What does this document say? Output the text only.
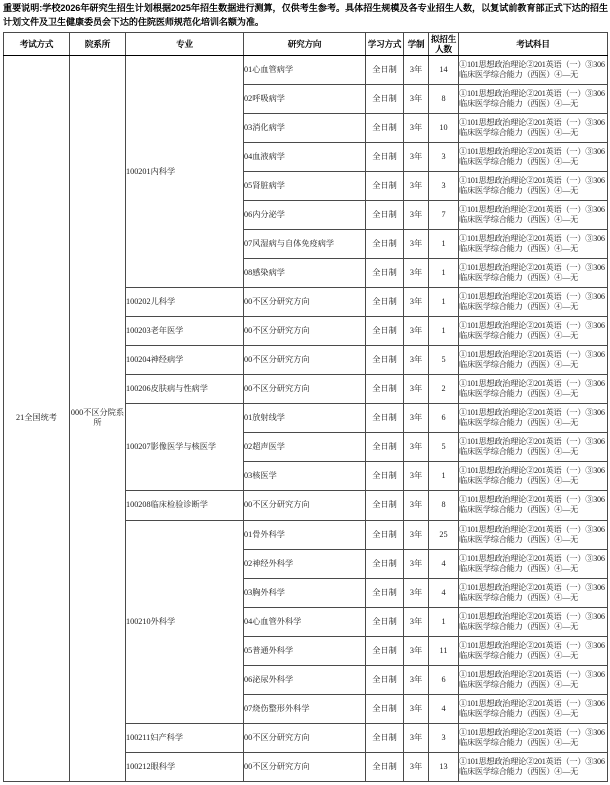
重要说明:学校2026年研究生招生计划根据2025年招生数据进行测算，仅供考生参考。具体招生规模及各专业招生人数，以复试前教育部正式下达的招生计划文件及卫生健康委员会下达的住院医师规范化培训名额为准。
考试方式	院系所	专业	研究方向	学习方式	学制	拟招生人数	考试科目
21全国统考	000不区分院系所	100201内科学	01心血管病学	全日制	3年	14	①101思想政治理论②201英语（一）③306临床医学综合能力（西医）④—无
			02呼吸病学	全日制	3年	8	①101思想政治理论②201英语（一）③306临床医学综合能力（西医）④—无
			03消化病学	全日制	3年	10	①101思想政治理论②201英语（一）③306临床医学综合能力（西医）④—无
			04血液病学	全日制	3年	3	①101思想政治理论②201英语（一）③306临床医学综合能力（西医）④—无
			05肾脏病学	全日制	3年	3	①101思想政治理论②201英语（一）③306临床医学综合能力（西医）④—无
			06内分泌学	全日制	3年	7	①101思想政治理论②201英语（一）③306临床医学综合能力（西医）④—无
			07风湿病与自体免疫病学	全日制	3年	1	①101思想政治理论②201英语（一）③306临床医学综合能力（西医）④—无
			08感染病学	全日制	3年	1	①101思想政治理论②201英语（一）③306临床医学综合能力（西医）④—无
		100202儿科学	00不区分研究方向	全日制	3年	1	①101思想政治理论②201英语（一）③306临床医学综合能力（西医）④—无
		100203老年医学	00不区分研究方向	全日制	3年	1	①101思想政治理论②201英语（一）③306临床医学综合能力（西医）④—无
		100204神经病学	00不区分研究方向	全日制	3年	5	①101思想政治理论②201英语（一）③306临床医学综合能力（西医）④—无
		100206皮肤病与性病学	00不区分研究方向	全日制	3年	2	①101思想政治理论②201英语（一）③306临床医学综合能力（西医）④—无
		100207影像医学与核医学	01放射线学	全日制	3年	6	①101思想政治理论②201英语（一）③306临床医学综合能力（西医）④—无
			02超声医学	全日制	3年	5	①101思想政治理论②201英语（一）③306临床医学综合能力（西医）④—无
			03核医学	全日制	3年	1	①101思想政治理论②201英语（一）③306临床医学综合能力（西医）④—无
		100208临床检验诊断学	00不区分研究方向	全日制	3年	8	①101思想政治理论②201英语（一）③306临床医学综合能力（西医）④—无
		100210外科学	01骨外科学	全日制	3年	25	①101思想政治理论②201英语（一）③306临床医学综合能力（西医）④—无
			02神经外科学	全日制	3年	4	①101思想政治理论②201英语（一）③306临床医学综合能力（西医）④—无
			03胸外科学	全日制	3年	4	①101思想政治理论②201英语（一）③306临床医学综合能力（西医）④—无
			04心血管外科学	全日制	3年	1	①101思想政治理论②201英语（一）③306临床医学综合能力（西医）④—无
			05普通外科学	全日制	3年	11	①101思想政治理论②201英语（一）③306临床医学综合能力（西医）④—无
			06泌尿外科学	全日制	3年	6	①101思想政治理论②201英语（一）③306临床医学综合能力（西医）④—无
			07烧伤整形外科学	全日制	3年	4	①101思想政治理论②201英语（一）③306临床医学综合能力（西医）④—无
		100211妇产科学	00不区分研究方向	全日制	3年	3	①101思想政治理论②201英语（一）③306临床医学综合能力（西医）④—无
		100212眼科学	00不区分研究方向	全日制	3年	13	①101思想政治理论②201英语（一）③306临床医学综合能力（西医）④—无
